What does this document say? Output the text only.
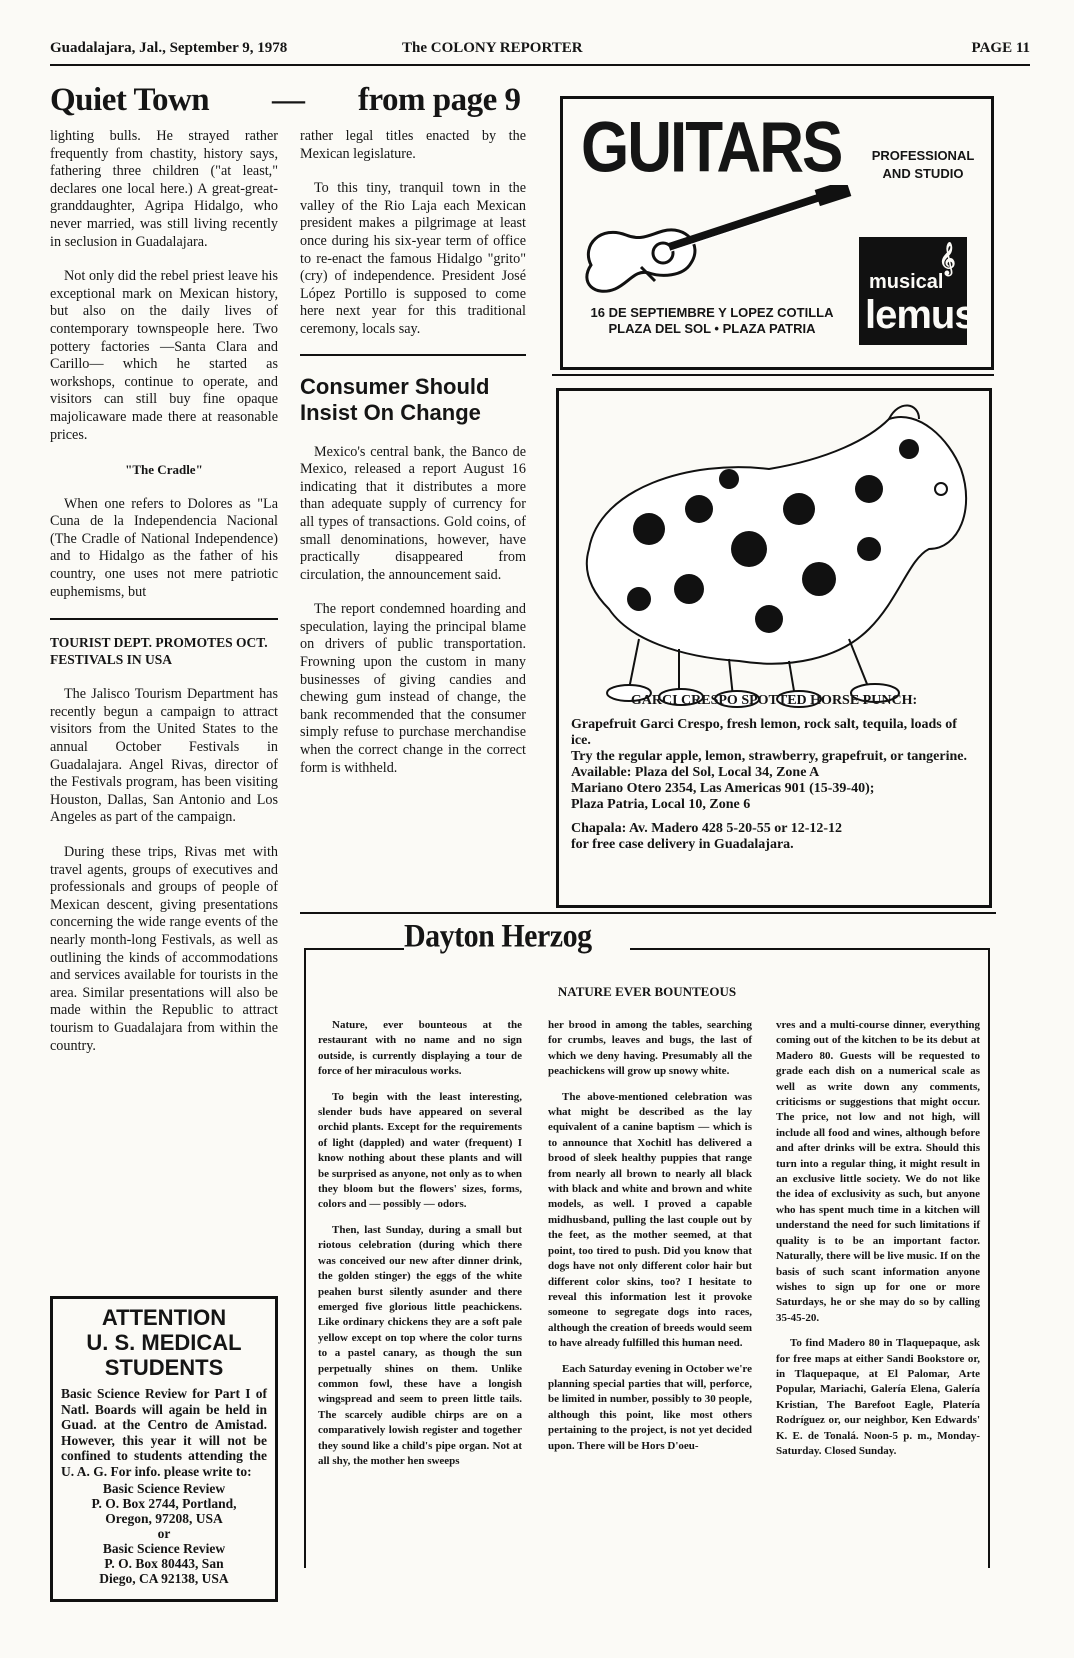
Guadalajara, Jal., September 9, 1978	The COLONY REPORTER	PAGE 11
Quiet Town — from page 9

lighting bulls. He strayed rather frequently from chastity, history says, fathering three children ("at least," declares one local here.) A great-great-granddaughter, Agripa Hidalgo, who never married, was still living recently in seclusion in Guadalajara.

Not only did the rebel priest leave his exceptional mark on Mexican history, but also on the daily lives of contemporary townspeople here. Two pottery factories —Santa Clara and Carillo— which he started as workshops, continue to operate, and visitors can still buy fine opaque majolicaware made there at reasonable prices.

"The Cradle"

When one refers to Dolores as "La Cuna de la Independencia Nacional (The Cradle of National Independence) and to Hidalgo as the father of his country, one uses not mere patriotic euphemisms, but

TOURIST DEPT. PROMOTES OCT. FESTIVALS IN USA

The Jalisco Tourism Department has recently begun a campaign to attract visitors from the United States to the annual October Festivals in Guadalajara. Angel Rivas, director of the Festivals program, has been visiting Houston, Dallas, San Antonio and Los Angeles as part of the campaign.

During these trips, Rivas met with travel agents, groups of executives and professionals and groups of people of Mexican descent, giving presentations concerning the wide range events of the nearly month-long Festivals, as well as outlining the kinds of accommodations and services available for tourists in the area. Similar presentations will also be made within the Republic to attract tourism to Guadalajara from within the country.

ATTENTION
U. S. MEDICAL
STUDENTS
Basic Science Review for Part I of Natl. Boards will again be held in Guad. at the Centro de Amistad. However, this year it will not be confined to students attending the U. A. G. For info. please write to:
Basic Science Review
P. O. Box 2744, Portland,
Oregon, 97208, USA
or
Basic Science Review
P. O. Box 80443, San
Diego, CA 92138, USA

rather legal titles enacted by the Mexican legislature.

To this tiny, tranquil town in the valley of the Rio Laja each Mexican president makes a pilgrimage at least once during his six-year term of office to re-enact the famous Hidalgo "grito" (cry) of independence. President José López Portillo is supposed to come here next year for this traditional ceremony, locals say.

Consumer Should
Insist On Change

Mexico's central bank, the Banco de Mexico, released a report August 16 indicating that it distributes a more than adequate supply of currency for all types of transactions. Gold coins, of small denominations, however, have practically disappeared from circulation, the announcement said.

The report condemned hoarding and speculation, laying the principal blame on drivers of public transportation. Frowning upon the custom in many businesses of giving candies and chewing gum instead of change, the bank recommended that the consumer simply refuse to purchase merchandise when the correct change in the correct form is withheld.

GUITARS	PROFESSIONAL
AND STUDIO
16 DE SEPTIEMBRE Y LOPEZ COTILLA
PLAZA DEL SOL • PLAZA PATRIA
musical
lemus
𝄞
GARCI CRESPO SPOTTED HORSE PUNCH:
Grapefruit Garci Crespo, fresh lemon, rock salt, tequila, loads of ice.
Try the regular apple, lemon, strawberry, grapefruit, or tangerine.
Available: Plaza del Sol, Local 34, Zone A
Mariano Otero 2354, Las Americas 901 (15-39-40);
Plaza Patria, Local 10, Zone 6
Chapala: Av. Madero 428 5-20-55 or 12-12-12
for free case delivery in Guadalajara.
Dayton Herzog
NATURE EVER BOUNTEOUS

Nature, ever bounteous at the restaurant with no name and no sign outside, is currently displaying a tour de force of her miraculous works.

To begin with the least interesting, slender buds have appeared on several orchid plants. Except for the requirements of light (dappled) and water (frequent) I know nothing about these plants and will be surprised as anyone, not only as to when they bloom but the flowers' sizes, forms, colors and — possibly — odors.

Then, last Sunday, during a small but riotous celebration (during which there was conceived our new after dinner drink, the golden stinger) the eggs of the white peahen burst silently asunder and there emerged five glorious little peachickens. Like ordinary chickens they are a soft pale yellow except on top where the color turns to a pastel canary, as though the sun perpetually shines on them. Unlike common fowl, these have a longish wingspread and seem to preen little tails. The scarcely audible chirps are on a comparatively lowish register and together they sound like a child's pipe organ. Not at all shy, the mother hen sweeps

her brood in among the tables, searching for crumbs, leaves and bugs, the last of which we deny having. Presumably all the peachickens will grow up snowy white.

The above-mentioned celebration was what might be described as the lay equivalent of a canine baptism — which is to announce that Xochitl has delivered a brood of sleek healthy puppies that range from nearly all brown to nearly all black with black and white and brown and white models, as well. I proved a capable midhusband, pulling the last couple out by the feet, as the mother seemed, at that point, too tired to push. Did you know that dogs have not only different color hair but different color skins, too? I hesitate to reveal this information lest it provoke someone to segregate dogs into races, although the creation of breeds would seem to have already fulfilled this human need.

Each Saturday evening in October we're planning special parties that will, perforce, be limited in number, possibly to 30 people, although this point, like most others pertaining to the project, is not yet decided upon. There will be Hors D'oeu-

vres and a multi-course dinner, everything coming out of the kitchen to be its debut at Madero 80. Guests will be requested to grade each dish on a numerical scale as well as write down any comments, criticisms or suggestions that might occur. The price, not low and not high, will include all food and wines, although before and after drinks will be extra. Should this turn into a regular thing, it might result in an exclusive little society. We do not like the idea of exclusivity as such, but anyone who has spent much time in a kitchen will understand the need for such limitations if quality is to be an important factor. Naturally, there will be live music. If on the basis of such scant information anyone wishes to sign up for one or more Saturdays, he or she may do so by calling 35-45-20.

To find Madero 80 in Tlaquepaque, ask for free maps at either Sandi Bookstore or, in Tlaquepaque, at El Palomar, Arte Popular, Mariachi, Galería Elena, Galería Kristian, The Barefoot Eagle, Platería Rodríguez or, our neighbor, Ken Edwards' K. E. de Tonalá. Noon-5 p. m., Monday-Saturday. Closed Sunday.
